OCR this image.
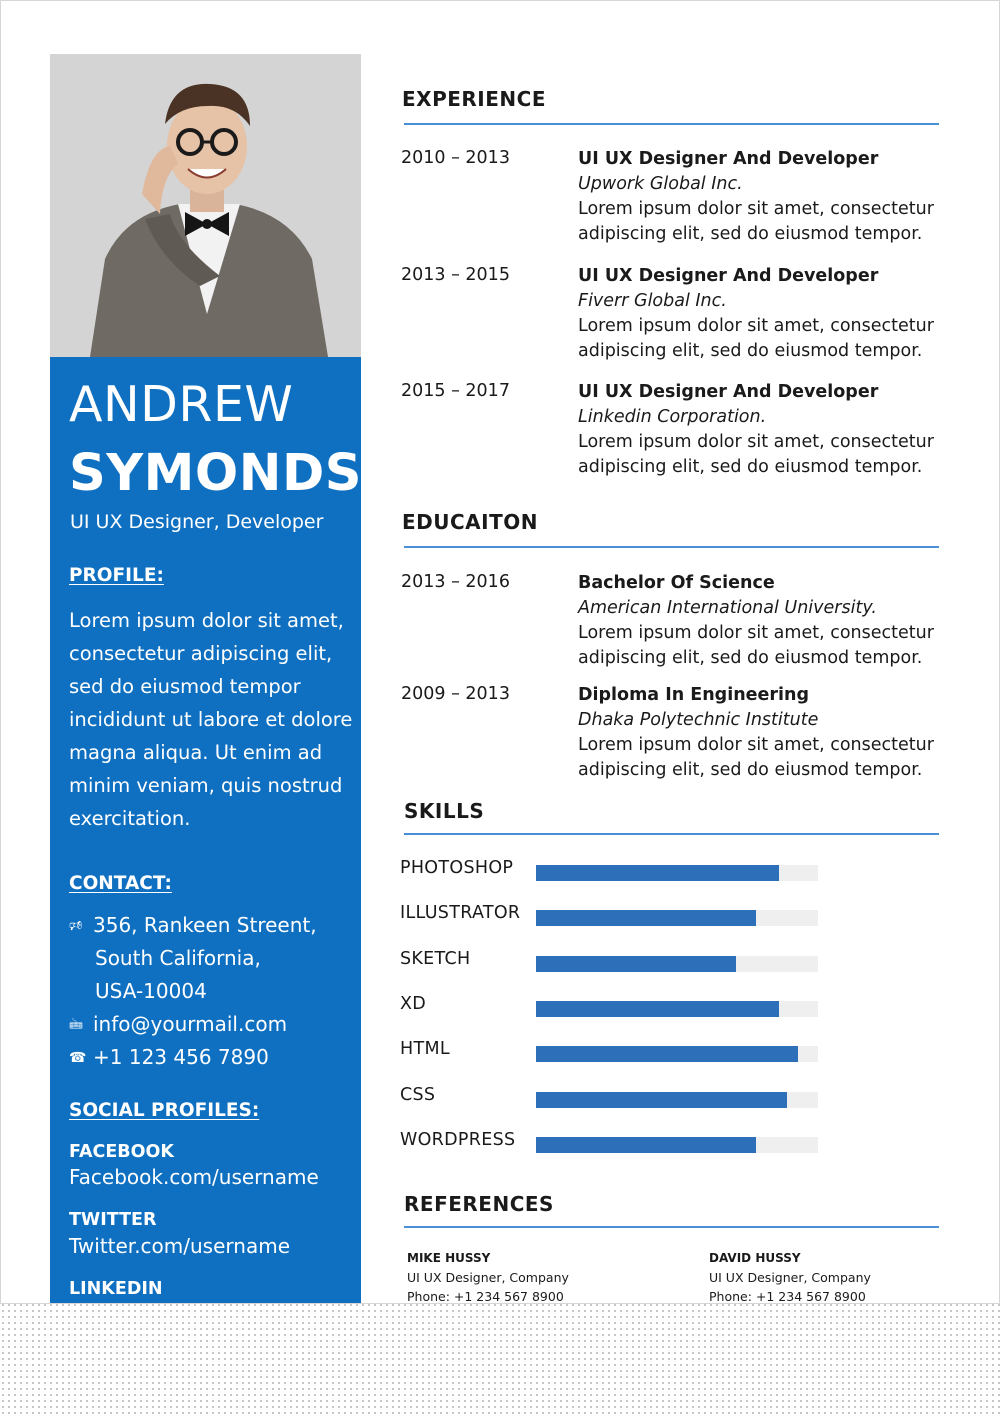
ANDREW
SYMONDS
UI UX Designer, Developer
PROFILE:
Lorem ipsum dolor sit amet, consectetur adipiscing elit, sed do eiusmod tempor incididunt ut labore et dolore magna aliqua. Ut enim ad minim veniam, quis nostrud exercitation.
CONTACT:
🕫 356, Rankeen Streent,
South California,
USA-10004
🖮 info@yourmail.com
☎ +1 123 456 7890
SOCIAL PROFILES:
FACEBOOK
Facebook.com/username
TWITTER
Twitter.com/username
LINKEDIN
EXPERIENCE
2010 – 2013	UI UX Designer And Developer
Upwork Global Inc.
Lorem ipsum dolor sit amet, consectetur adipiscing elit, sed do eiusmod tempor.
2013 – 2015	UI UX Designer And Developer
Fiverr Global Inc.
Lorem ipsum dolor sit amet, consectetur adipiscing elit, sed do eiusmod tempor.
2015 – 2017	UI UX Designer And Developer
Linkedin Corporation.
Lorem ipsum dolor sit amet, consectetur adipiscing elit, sed do eiusmod tempor.
EDUCAITON
2013 – 2016	Bachelor Of Science
American International University.
Lorem ipsum dolor sit amet, consectetur adipiscing elit, sed do eiusmod tempor.
2009 – 2013	Diploma In Engineering
Dhaka Polytechnic Institute
Lorem ipsum dolor sit amet, consectetur adipiscing elit, sed do eiusmod tempor.
SKILLS
PHOTOSHOP
ILLUSTRATOR
SKETCH
XD
HTML
CSS
WORDPRESS
REFERENCES
MIKE HUSSY
UI UX Designer, Company
Phone: +1 234 567 8900
DAVID HUSSY
UI UX Designer, Company
Phone: +1 234 567 8900
